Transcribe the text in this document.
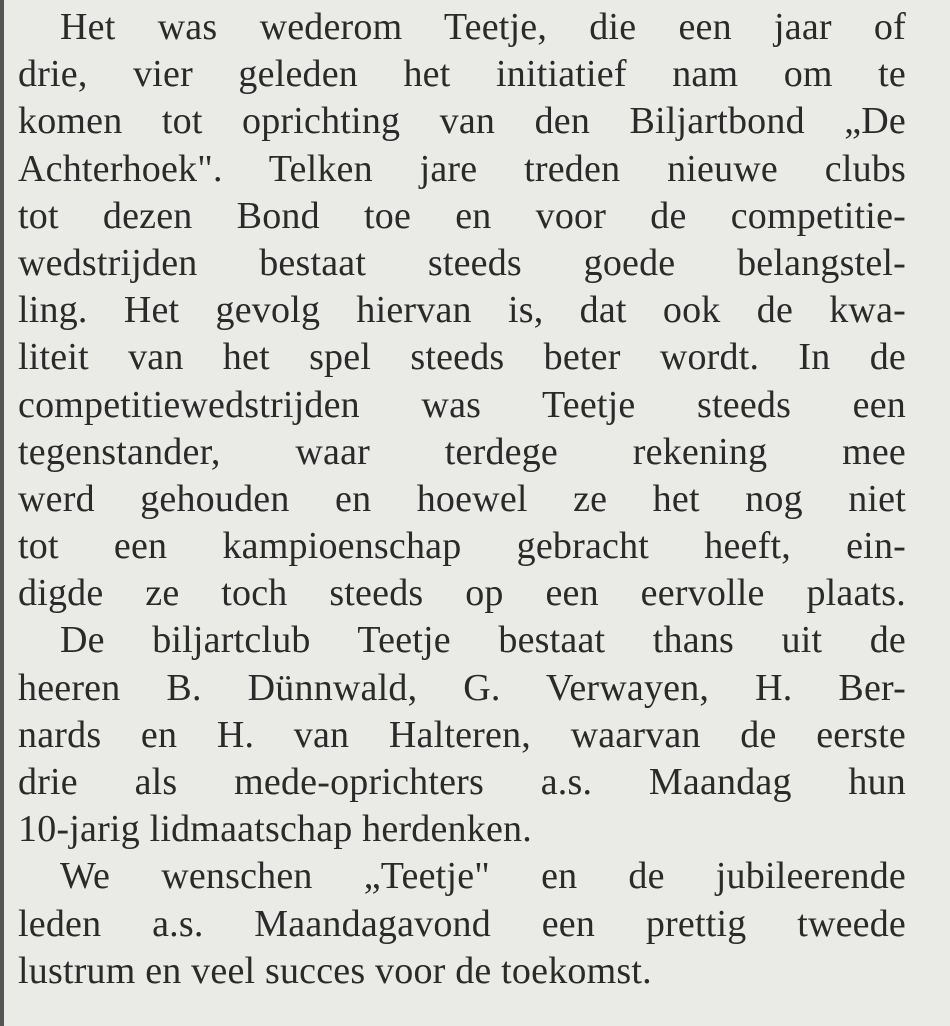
Het was wederom Teetje, die een jaar of
drie, vier geleden het initiatief nam om te
komen tot oprichting van den Biljartbond „De
Achterhoek". Telken jare treden nieuwe clubs
tot dezen Bond toe en voor de competitie-
wedstrijden bestaat steeds goede belangstel-
ling. Het gevolg hiervan is, dat ook de kwa-
liteit van het spel steeds beter wordt. In de
competitiewedstrijden was Teetje steeds een
tegenstander, waar terdege rekening mee
werd gehouden en hoewel ze het nog niet
tot een kampioenschap gebracht heeft, ein-
digde ze toch steeds op een eervolle plaats.
De biljartclub Teetje bestaat thans uit de
heeren B. Dünnwald, G. Verwayen, H. Ber-
nards en H. van Halteren, waarvan de eerste
drie als mede-oprichters a.s. Maandag hun
10-jarig lidmaatschap herdenken.
We wenschen „Teetje" en de jubileerende
leden a.s. Maandagavond een prettig tweede
lustrum en veel succes voor de toekomst.
